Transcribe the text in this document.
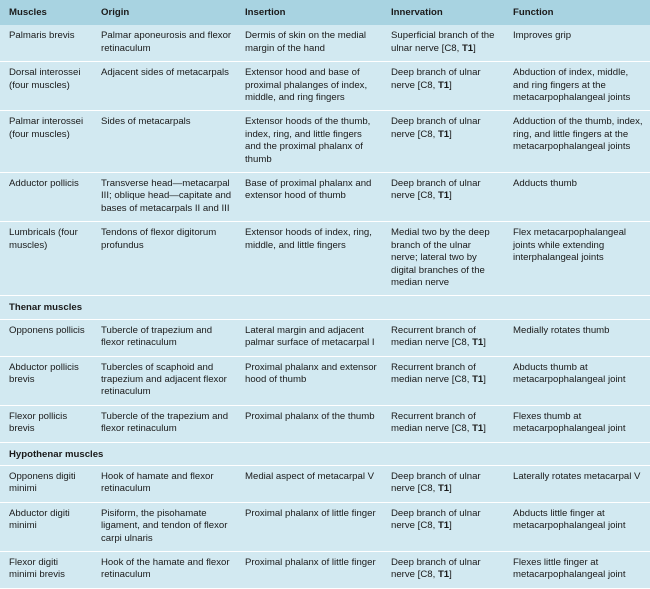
Muscles	Origin	Insertion	Innervation	Function
Palmaris brevis	Palmar aponeurosis and flexor retinaculum	Dermis of skin on the medial margin of the hand	Superficial branch of the ulnar nerve [C8, T1]	Improves grip
Dorsal interossei (four muscles)	Adjacent sides of metacarpals	Extensor hood and base of proximal phalanges of index, middle, and ring fingers	Deep branch of ulnar nerve [C8, T1]	Abduction of index, middle, and ring fingers at the metacarpophalangeal joints
Palmar interossei (four muscles)	Sides of metacarpals	Extensor hoods of the thumb, index, ring, and little fingers and the proximal phalanx of thumb	Deep branch of ulnar nerve [C8, T1]	Adduction of the thumb, index, ring, and little fingers at the metacarpophalangeal joints
Adductor pollicis	Transverse head—metacarpal III; oblique head—capitate and bases of metacarpals II and III	Base of proximal phalanx and extensor hood of thumb	Deep branch of ulnar nerve [C8, T1]	Adducts thumb
Lumbricals (four muscles)	Tendons of flexor digitorum profundus	Extensor hoods of index, ring, middle, and little fingers	Medial two by the deep branch of the ulnar nerve; lateral two by digital branches of the median nerve	Flex metacarpophalangeal joints while extending interphalangeal joints
Thenar muscles				
Opponens pollicis	Tubercle of trapezium and flexor retinaculum	Lateral margin and adjacent palmar surface of metacarpal I	Recurrent branch of median nerve [C8, T1]	Medially rotates thumb
Abductor pollicis brevis	Tubercles of scaphoid and trapezium and adjacent flexor retinaculum	Proximal phalanx and extensor hood of thumb	Recurrent branch of median nerve [C8, T1]	Abducts thumb at metacarpophalangeal joint
Flexor pollicis brevis	Tubercle of the trapezium and flexor retinaculum	Proximal phalanx of the thumb	Recurrent branch of median nerve [C8, T1]	Flexes thumb at metacarpophalangeal joint
Hypothenar muscles				
Opponens digiti minimi	Hook of hamate and flexor retinaculum	Medial aspect of metacarpal V	Deep branch of ulnar nerve [C8, T1]	Laterally rotates metacarpal V
Abductor digiti minimi	Pisiform, the pisohamate ligament, and tendon of flexor carpi ulnaris	Proximal phalanx of little finger	Deep branch of ulnar nerve [C8, T1]	Abducts little finger at metacarpophalangeal joint
Flexor digiti minimi brevis	Hook of the hamate and flexor retinaculum	Proximal phalanx of little finger	Deep branch of ulnar nerve [C8, T1]	Flexes little finger at metacarpophalangeal joint
